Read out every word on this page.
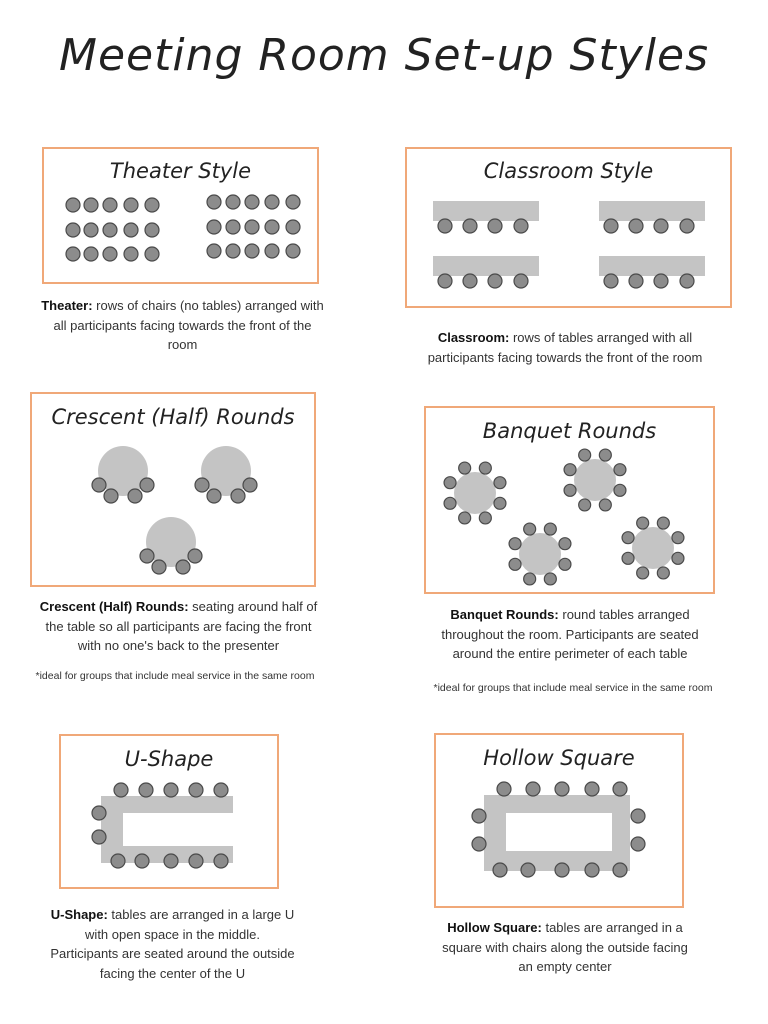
Meeting Room Set-up Styles
Theater Style
Theater: rows of chairs (no tables) arranged with all participants facing towards the front of the room
Classroom Style
Classroom: rows of tables arranged with all participants facing towards the front of the room
Crescent (Half) Rounds
Crescent (Half) Rounds: seating around half of the table so all participants are facing the front with no one's back to the presenter
*ideal for groups that include meal service in the same room
Banquet Rounds
Banquet Rounds: round tables arranged throughout the room. Participants are seated around the entire perimeter of each table
*ideal for groups that include meal service in the same room
U-Shape
U-Shape: tables are arranged in a large U with open space in the middle. Participants are seated around the outside facing the center of the U
Hollow Square
Hollow Square: tables are arranged in a square with chairs along the outside facing an empty center
